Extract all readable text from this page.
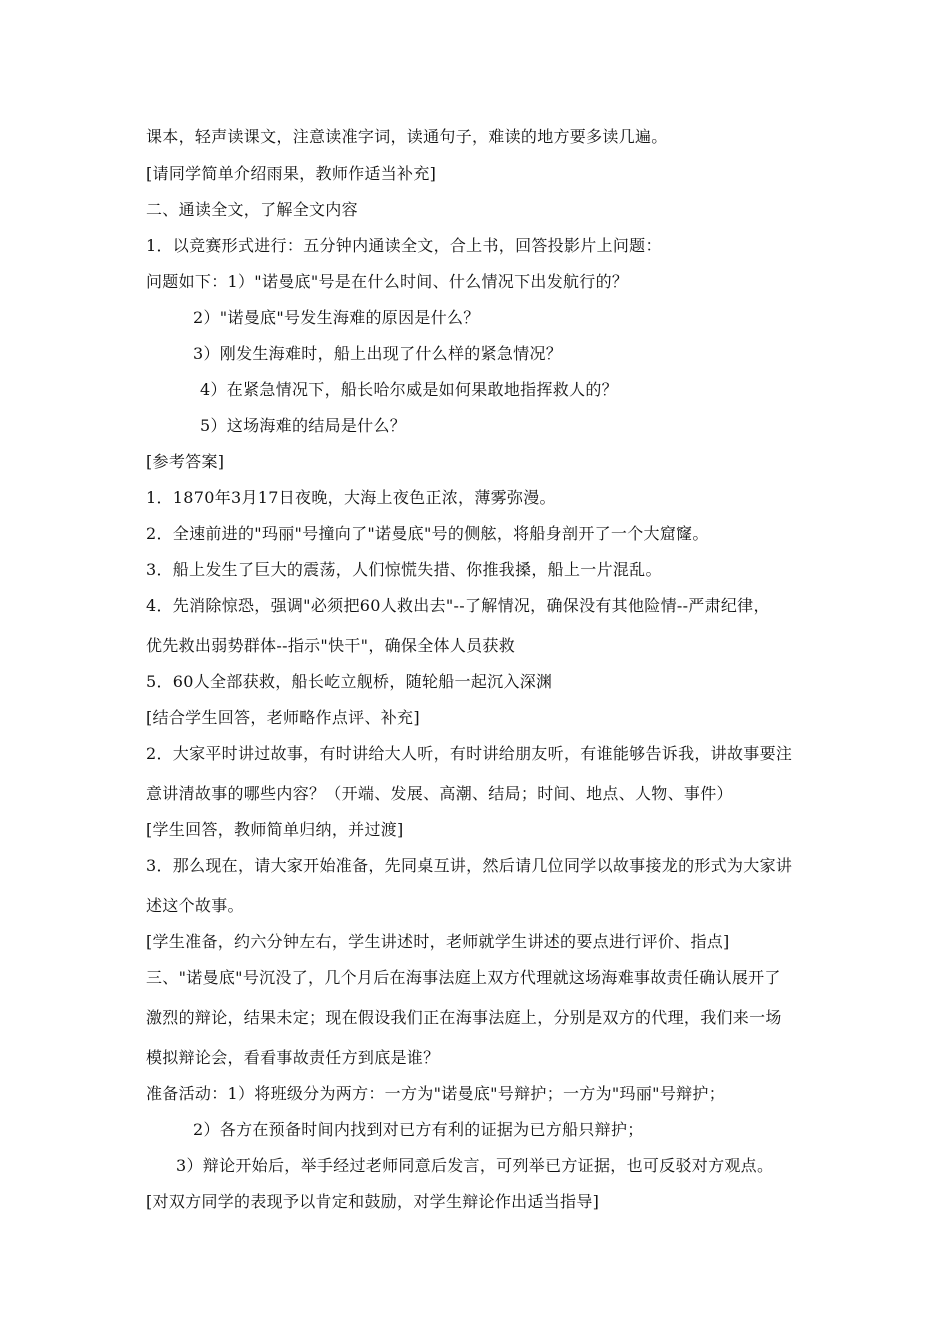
课本，轻声读课文，注意读准字词，读通句子，难读的地方要多读几遍。
[请同学简单介绍雨果，教师作适当补充]
二、通读全文，了解全文内容
1．以竞赛形式进行：五分钟内通读全文，合上书，回答投影片上问题：
问题如下：1）"诺曼底"号是在什么时间、什么情况下出发航行的？
2）"诺曼底"号发生海难的原因是什么？
3）刚发生海难时，船上出现了什么样的紧急情况？
4）在紧急情况下，船长哈尔威是如何果敢地指挥救人的？
5）这场海难的结局是什么？
[参考答案]
1．1870年3月17日夜晚，大海上夜色正浓，薄雾弥漫。
2．全速前进的"玛丽"号撞向了"诺曼底"号的侧舷，将船身剖开了一个大窟窿。
3．船上发生了巨大的震荡，人们惊慌失措、你推我搡，船上一片混乱。
4．先消除惊恐，强调"必须把60人救出去"--了解情况，确保没有其他险情--严肃纪律，
优先救出弱势群体--指示"快干"，确保全体人员获救
5．60人全部获救，船长屹立舰桥，随轮船一起沉入深渊
[结合学生回答，老师略作点评、补充]
2．大家平时讲过故事，有时讲给大人听，有时讲给朋友听，有谁能够告诉我，讲故事要注
意讲清故事的哪些内容？（开端、发展、高潮、结局；时间、地点、人物、事件）
[学生回答，教师简单归纳，并过渡]
3．那么现在，请大家开始准备，先同桌互讲，然后请几位同学以故事接龙的形式为大家讲
述这个故事。
[学生准备，约六分钟左右，学生讲述时，老师就学生讲述的要点进行评价、指点]
三、"诺曼底"号沉没了，几个月后在海事法庭上双方代理就这场海难事故责任确认展开了
激烈的辩论，结果未定；现在假设我们正在海事法庭上，分别是双方的代理，我们来一场
模拟辩论会，看看事故责任方到底是谁？
准备活动：1）将班级分为两方：一方为"诺曼底"号辩护；一方为"玛丽"号辩护；
2）各方在预备时间内找到对已方有利的证据为已方船只辩护；
3）辩论开始后，举手经过老师同意后发言，可列举已方证据，也可反驳对方观点。
[对双方同学的表现予以肯定和鼓励，对学生辩论作出适当指导]
